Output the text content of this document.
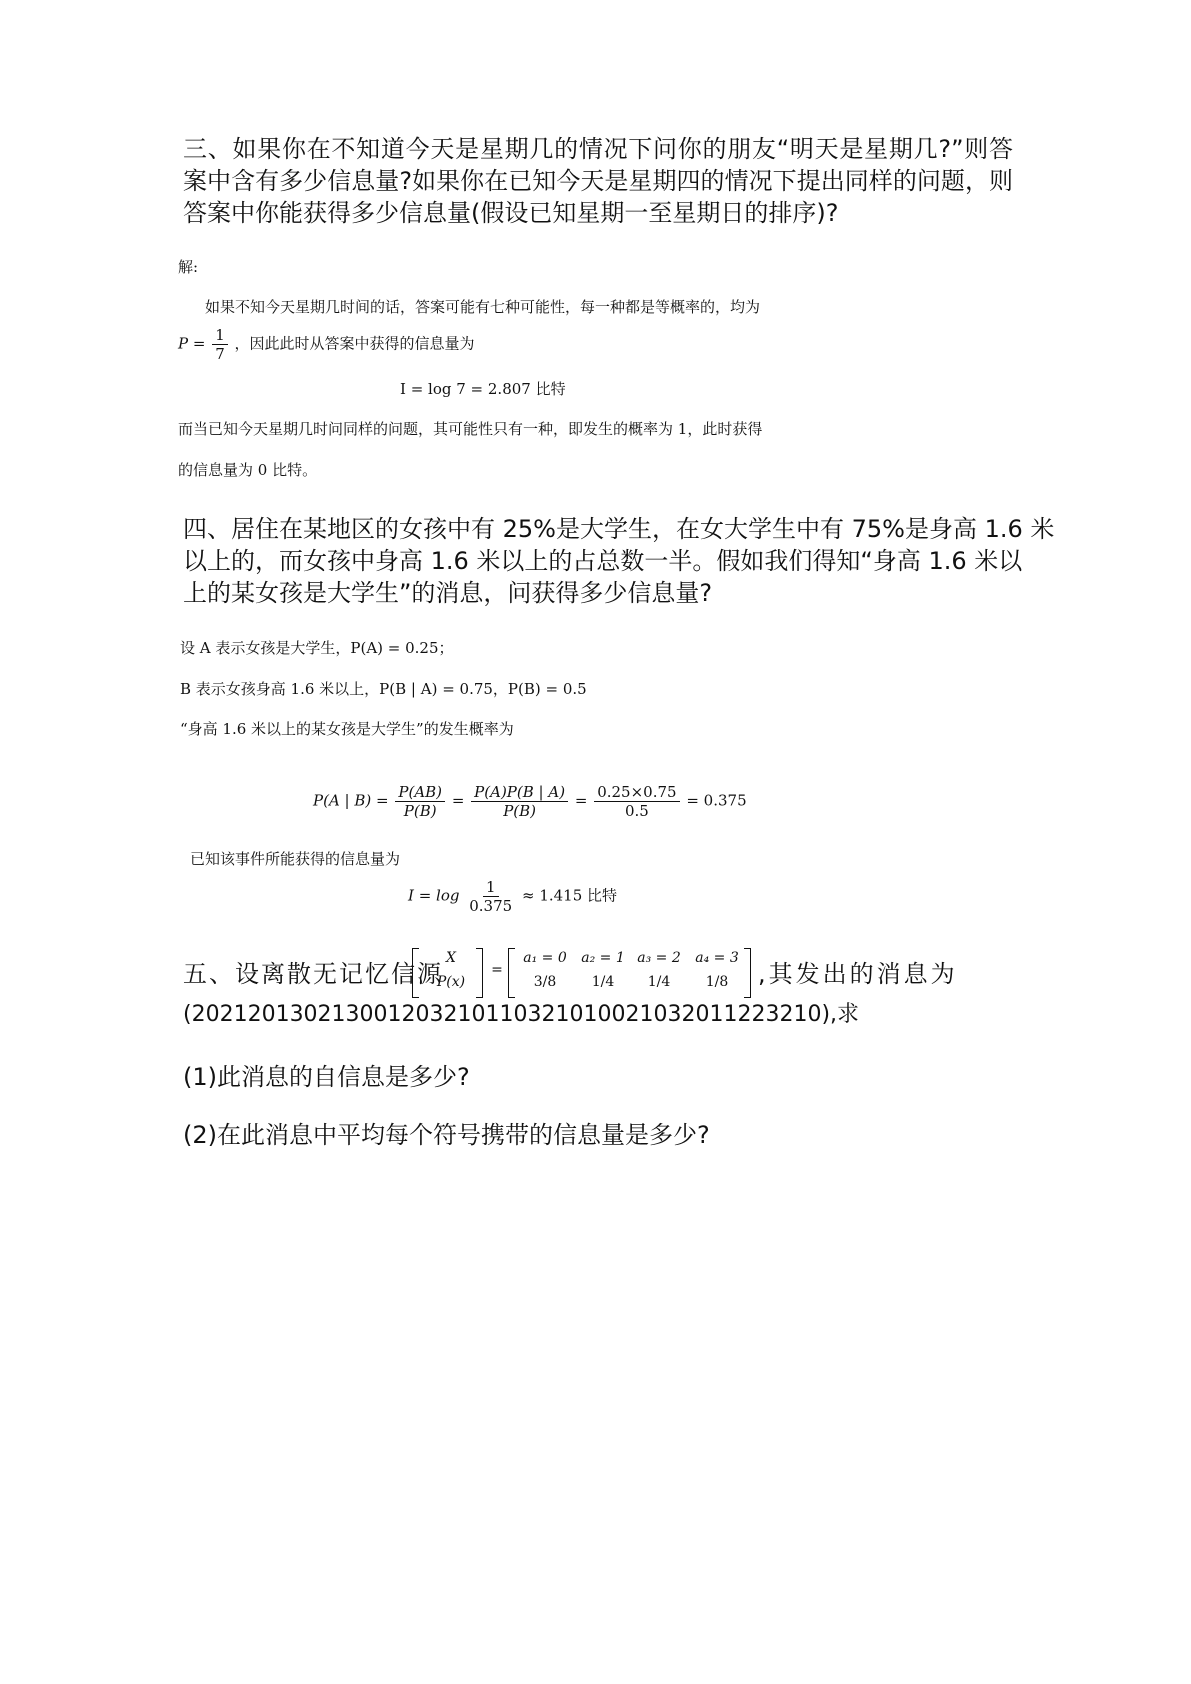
三、如果你在不知道今天是星期几的情况下问你的朋友“明天是星期几?”则答
案中含有多少信息量?如果你在已知今天是星期四的情况下提出同样的问题，则
答案中你能获得多少信息量(假设已知星期一至星期日的排序)?
解:
如果不知今天星期几时间的话，答案可能有七种可能性，每一种都是等概率的，均为
$P = \frac{1}{7}$ ，因此此时从答案中获得的信息量为
I = log 7 = 2.807 比特
而当已知今天星期几时问同样的问题，其可能性只有一种，即发生的概率为 1，此时获得
的信息量为 0 比特。
四、居住在某地区的女孩中有 25%是大学生，在女大学生中有 75%是身高 1.6 米
以上的，而女孩中身高 1.6 米以上的占总数一半。假如我们得知“身高 1.6 米以
上的某女孩是大学生”的消息，问获得多少信息量?
设 A 表示女孩是大学生，P(A) = 0.25；
B 表示女孩身高 1.6 米以上，P(B | A) = 0.75，P(B) = 0.5
“身高 1.6 米以上的某女孩是大学生”的发生概率为
P(A | $B) = \frac{P(AB)}{P(B)} = \frac{P(A)P(B | A)}{P(B)} = \frac{0.25\times 0.75}{0.5} = 0.375$
已知该事件所能获得的信息量为
$I = \log \frac{1}{0.375} \approx 1.415$ 比特
五、设离散无记忆信源
X
P(x)
=
a₁ = 0	a₂ = 1 a₃ = 2	a₄ = 3
3/8	1/4	1/4	1/8	,其发出的消息为
(202120130213001203210110321010021032011223210),求
(1)此消息的自信息是多少?
(2)在此消息中平均每个符号携带的信息量是多少?
